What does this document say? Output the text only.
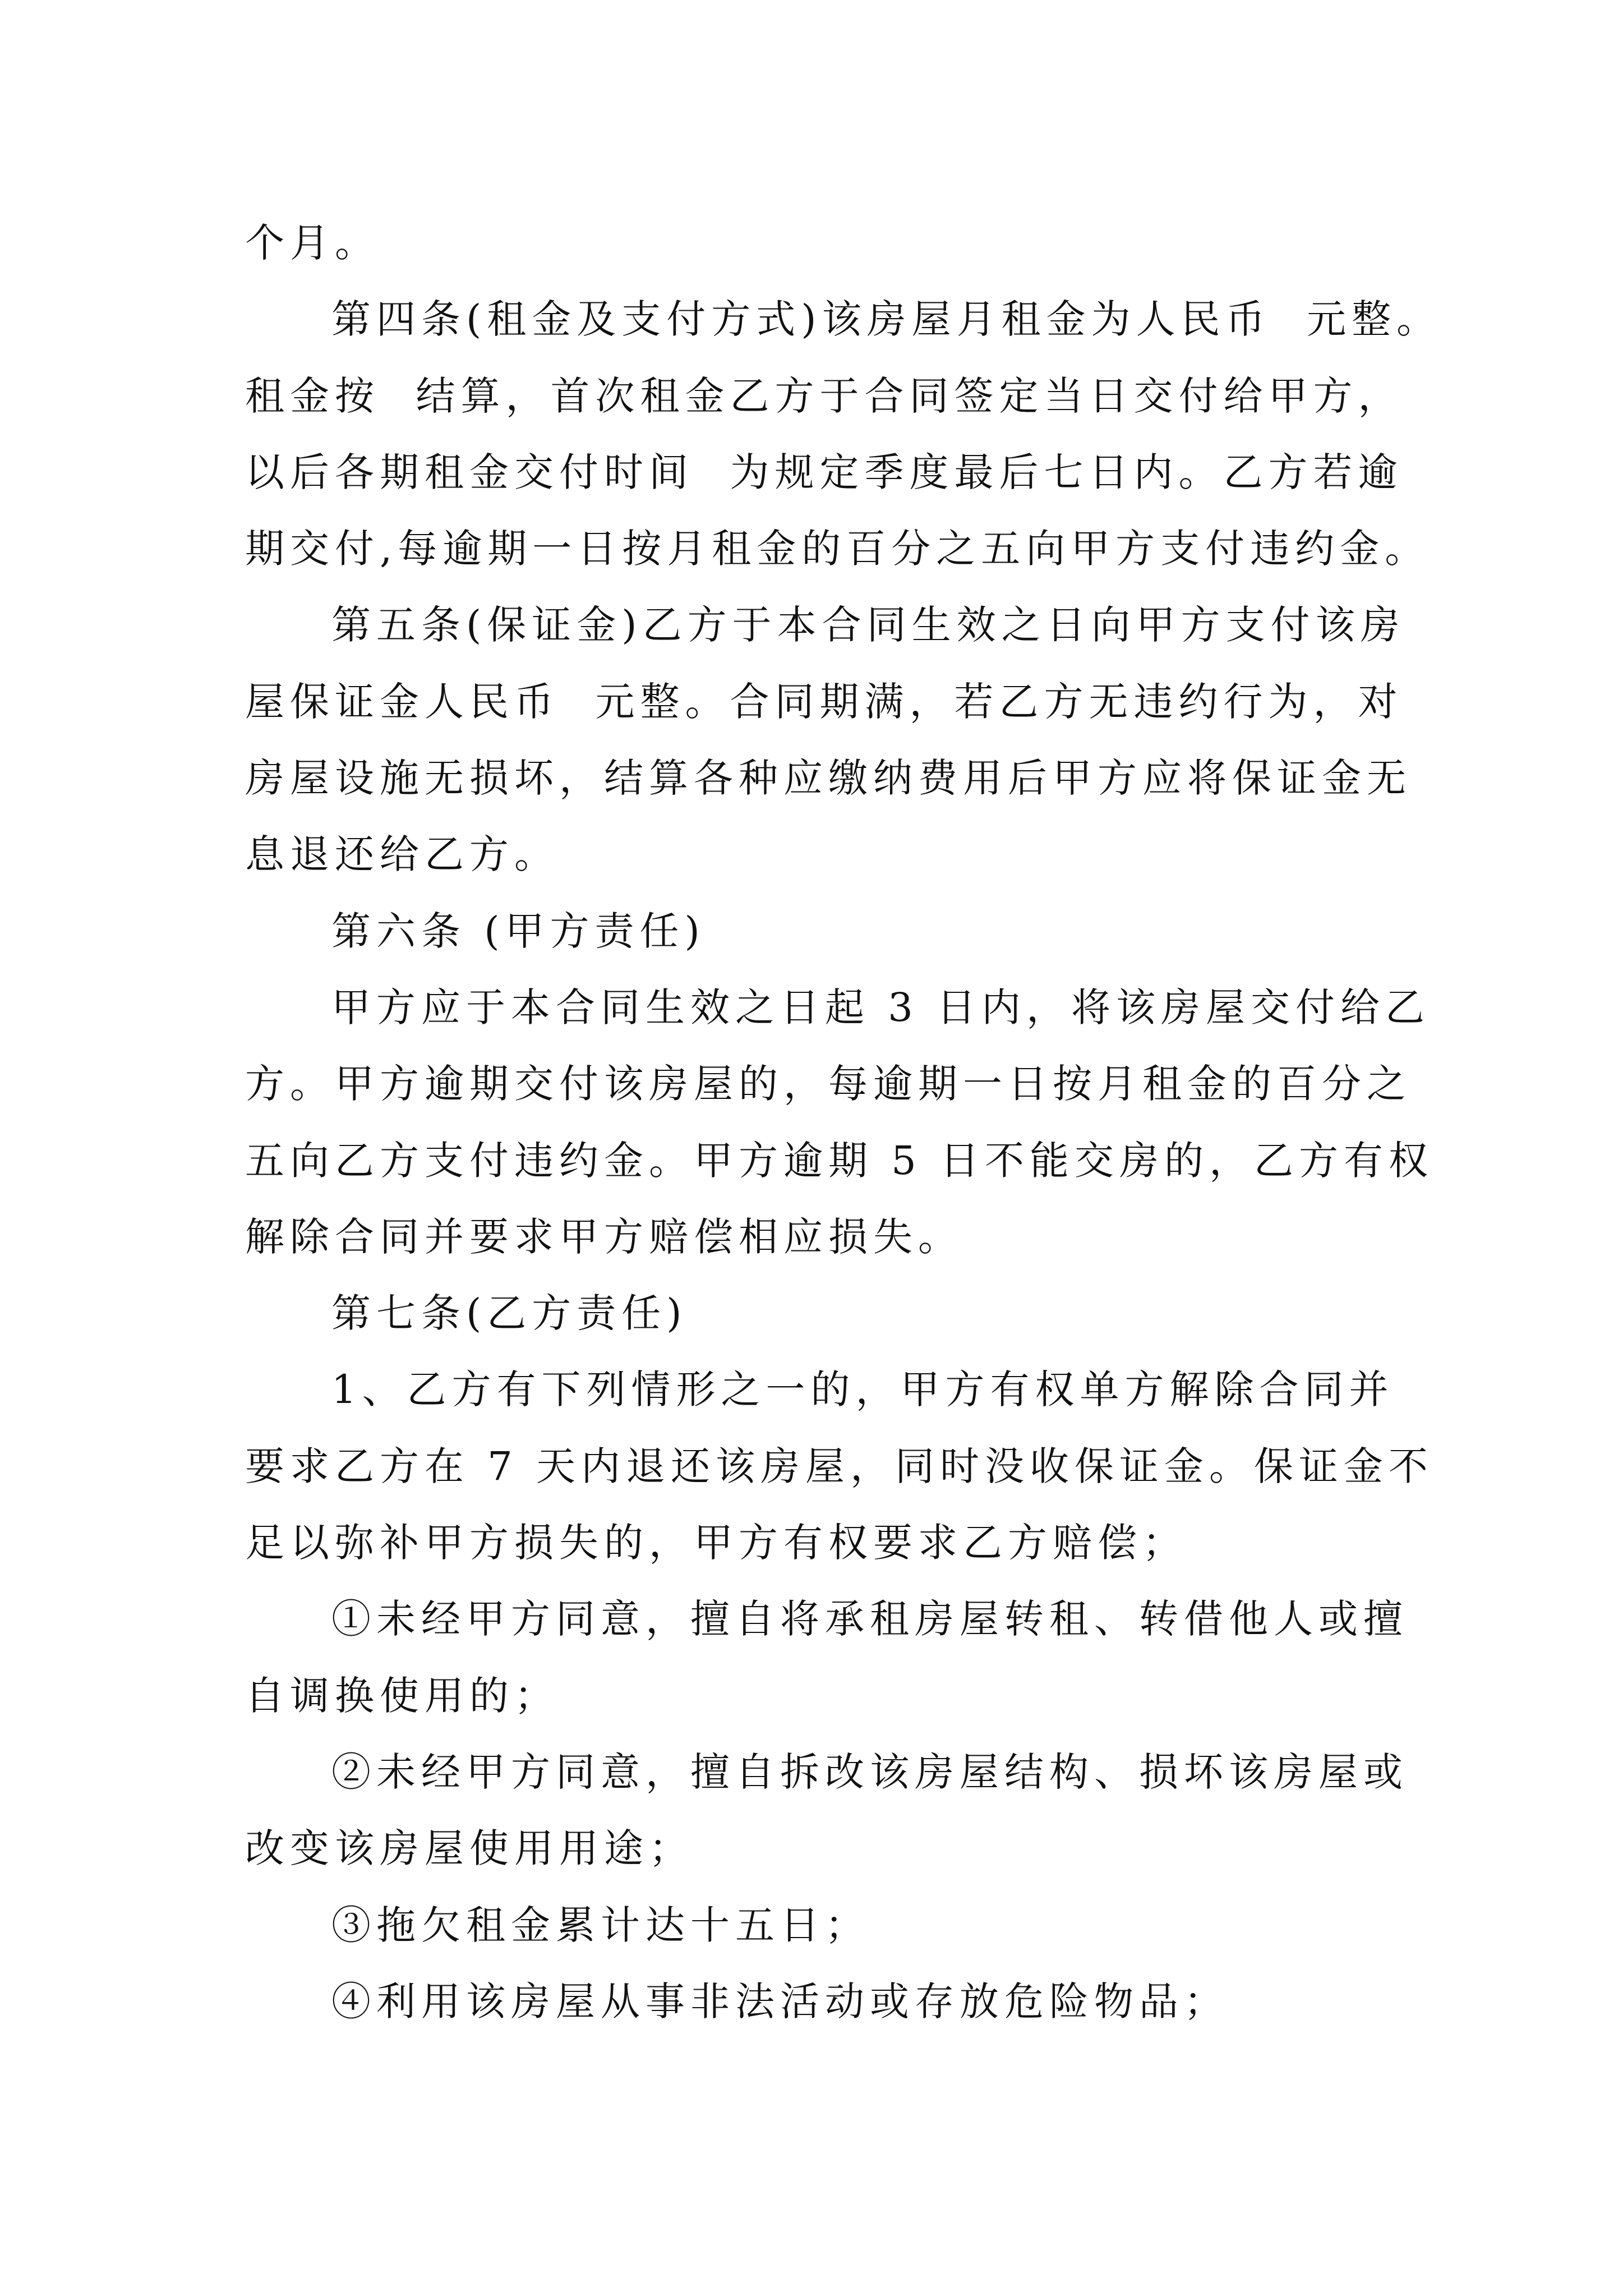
个月。
第四条(租金及支付方式)该房屋月租金为人民币  元整。
租金按  结算，首次租金乙方于合同签定当日交付给甲方，
以后各期租金交付时间  为规定季度最后七日内。乙方若逾
期交付,每逾期一日按月租金的百分之五向甲方支付违约金。
第五条(保证金)乙方于本合同生效之日向甲方支付该房
屋保证金人民币  元整。合同期满，若乙方无违约行为，对
房屋设施无损坏，结算各种应缴纳费用后甲方应将保证金无
息退还给乙方。
第六条 (甲方责任)
甲方应于本合同生效之日起 3 日内，将该房屋交付给乙
方。甲方逾期交付该房屋的，每逾期一日按月租金的百分之
五向乙方支付违约金。甲方逾期 5 日不能交房的，乙方有权
解除合同并要求甲方赔偿相应损失。
第七条(乙方责任)
1、乙方有下列情形之一的，甲方有权单方解除合同并
要求乙方在 7 天内退还该房屋，同时没收保证金。保证金不
足以弥补甲方损失的，甲方有权要求乙方赔偿；
①未经甲方同意，擅自将承租房屋转租、转借他人或擅
自调换使用的；
②未经甲方同意，擅自拆改该房屋结构、损坏该房屋或
改变该房屋使用用途；
③拖欠租金累计达十五日；
④利用该房屋从事非法活动或存放危险物品；
